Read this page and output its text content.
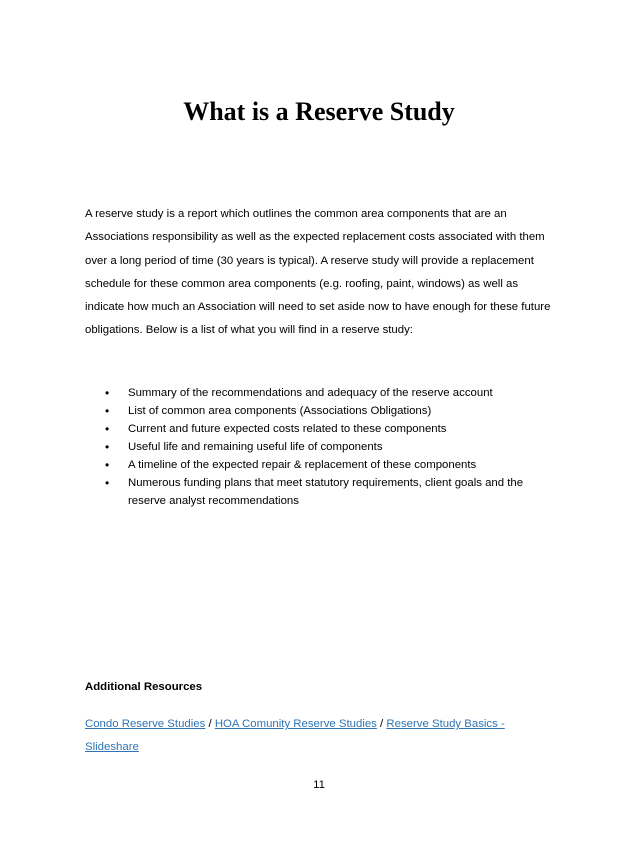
What is a Reserve Study

A reserve study is a report which outlines the common area components that are an Associations responsibility as well as the expected replacement costs associated with them over a long period of time (30 years is typical). A reserve study will provide a replacement schedule for these common area components (e.g. roofing, paint, windows) as well as indicate how much an Association will need to set aside now to have enough for these future obligations. Below is a list of what you will find in a reserve study:

• Summary of the recommendations and adequacy of the reserve account
• List of common area components (Associations Obligations)
• Current and future expected costs related to these components
• Useful life and remaining useful life of components
• A timeline of the expected repair & replacement of these components
• Numerous funding plans that meet statutory requirements, client goals and the reserve analyst recommendations

Additional Resources

Condo Reserve Studies / HOA Comunity Reserve Studies / Reserve Study Basics - Slideshare

11
